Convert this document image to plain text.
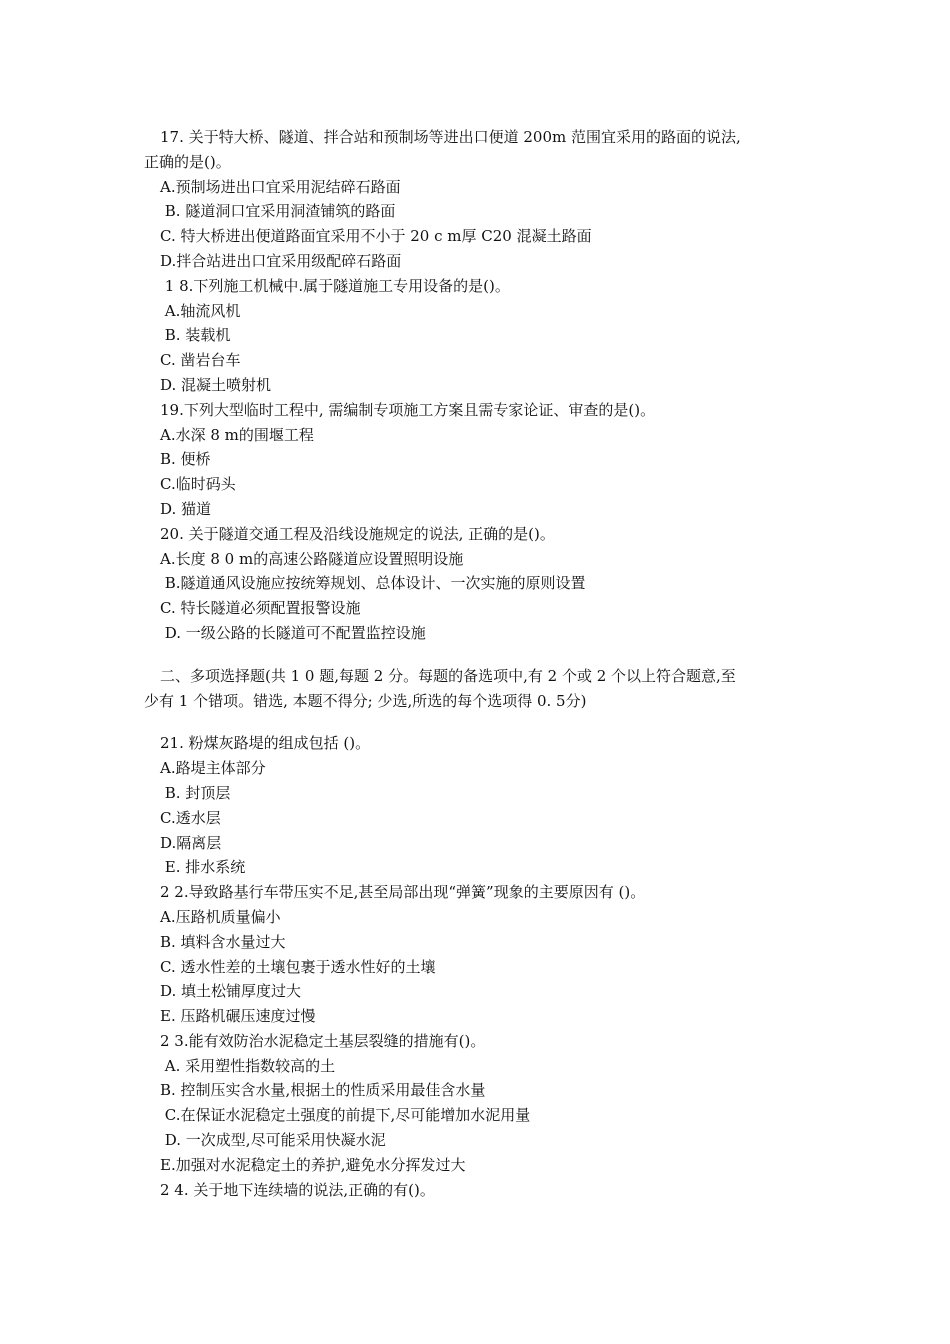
17. 关于特大桥、隧道、拌合站和预制场等进出口便道 200m 范围宜采用的路面的说法,
正确的是()。
A.预制场进出口宜采用泥结碎石路面
B. 隧道洞口宜采用洞渣铺筑的路面
C. 特大桥进出便道路面宜采用不小于 20 c m厚 C20 混凝土路面
D.拌合站进出口宜采用级配碎石路面
1 8.下列施工机械中.属于隧道施工专用设备的是()。
A.轴流风机
B. 装载机
C. 凿岩台车
D. 混凝土喷射机
19.下列大型临时工程中, 需编制专项施工方案且需专家论证、审查的是()。
A.水深 8 m的围堰工程
B. 便桥
C.临时码头
D. 猫道
20. 关于隧道交通工程及沿线设施规定的说法, 正确的是()。
A.长度 8 0 m的高速公路隧道应设置照明设施
B.隧道通风设施应按统筹规划、总体设计、一次实施的原则设置
C. 特长隧道必须配置报警设施
D. 一级公路的长隧道可不配置监控设施
二、多项选择题(共 1 0 题,每题 2 分。每题的备选项中,有 2 个或 2 个以上符合题意,至
少有 1 个错项。错选, 本题不得分; 少选,所选的每个选项得 0. 5分)
21. 粉煤灰路堤的组成包括 ()。
A.路堤主体部分
B. 封顶层
C.透水层
D.隔离层
E. 排水系统
2 2.导致路基行车带压实不足,甚至局部出现“弹簧”现象的主要原因有 ()。
A.压路机质量偏小
B. 填料含水量过大
C. 透水性差的土壤包裹于透水性好的土壤
D. 填土松铺厚度过大
E. 压路机碾压速度过慢
2 3.能有效防治水泥稳定土基层裂缝的措施有()。
A. 采用塑性指数较高的土
B. 控制压实含水量,根据土的性质采用最佳含水量
C.在保证水泥稳定土强度的前提下,尽可能增加水泥用量
D. 一次成型,尽可能采用快凝水泥
E.加强对水泥稳定土的养护,避免水分挥发过大
2 4. 关于地下连续墙的说法,正确的有()。
